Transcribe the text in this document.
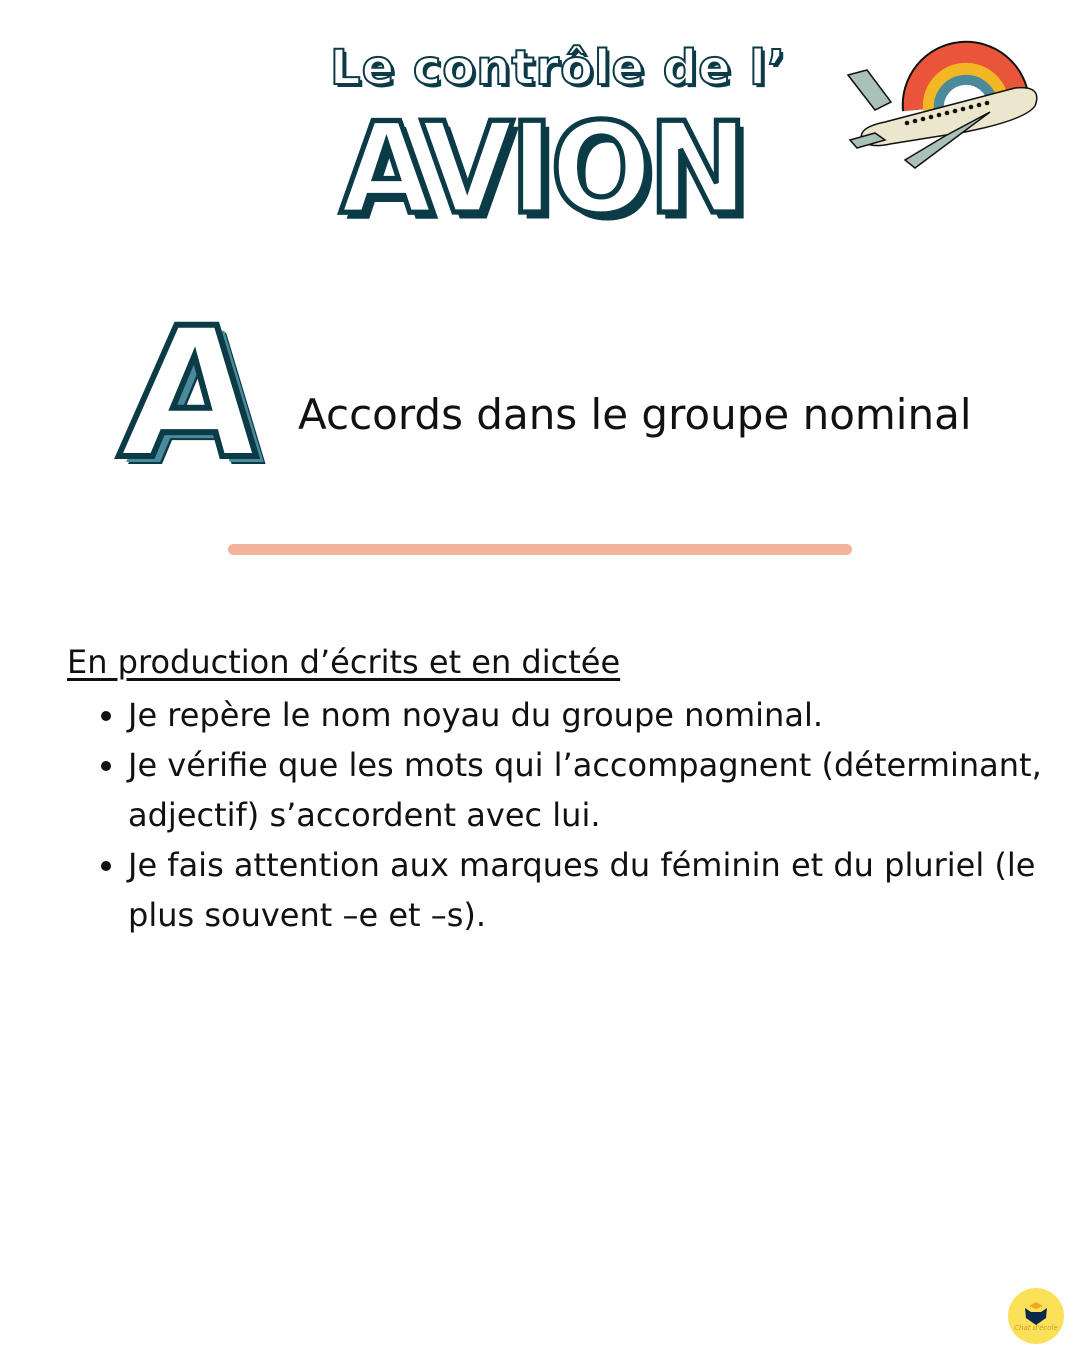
Le contrôle de l’
AVION
A Accords dans le groupe nominal
En production d’écrits et en dictée
• Je repère le nom noyau du groupe nominal.
• Je vérifie que les mots qui l’accompagnent (déterminant, adjectif) s’accordent avec lui.
• Je fais attention aux marques du féminin et du pluriel (le plus souvent –e et –s).
Chat d'école
